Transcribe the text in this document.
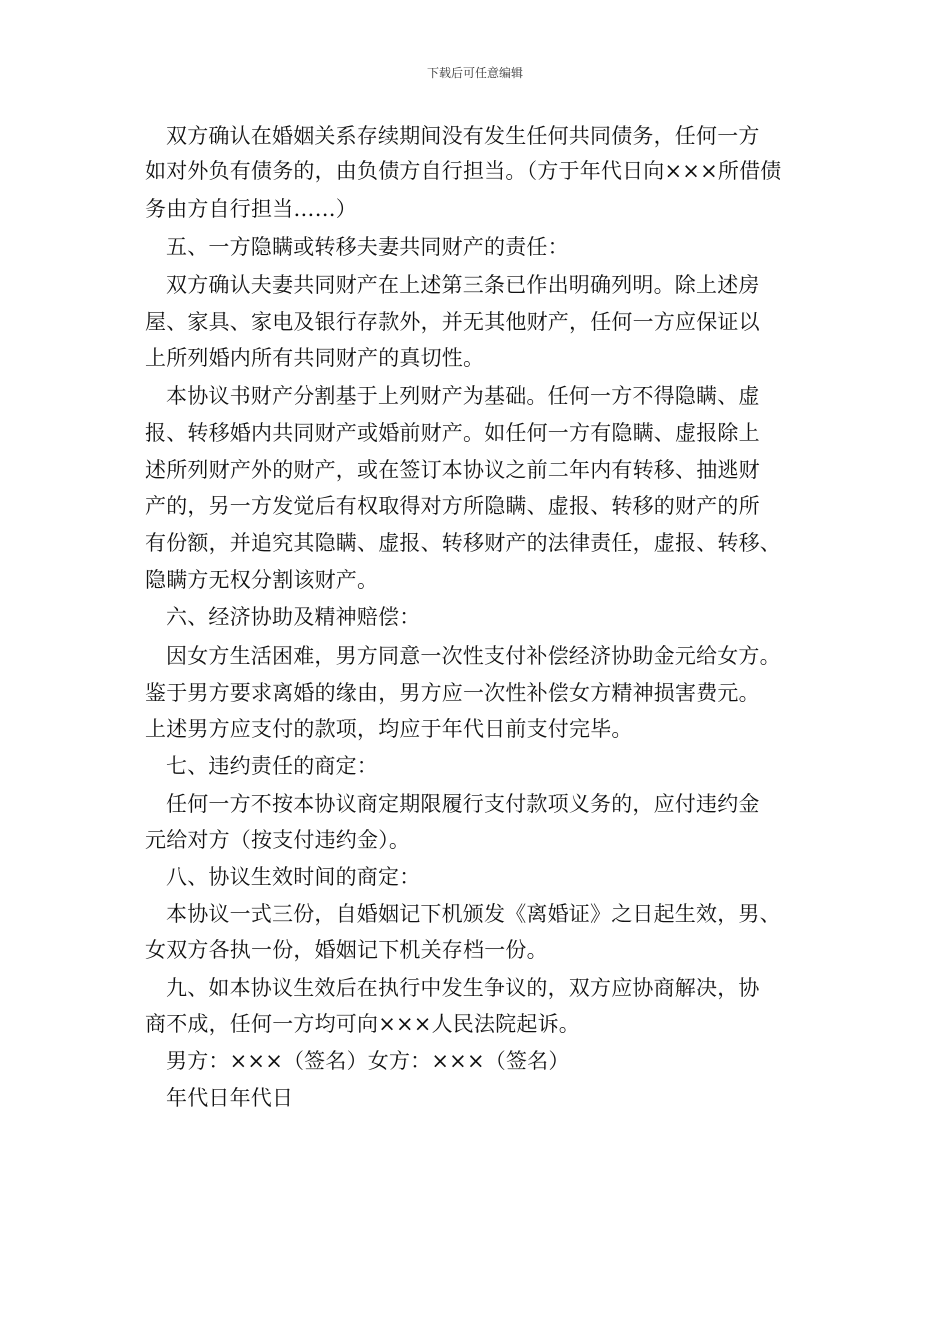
下载后可任意编辑
双方确认在婚姻关系存续期间没有发生任何共同债务，任何一方
如对外负有债务的，由负债方自行担当。（方于年代日向×××所借债
务由方自行担当……）
五、一方隐瞒或转移夫妻共同财产的责任：
双方确认夫妻共同财产在上述第三条已作出明确列明。除上述房
屋、家具、家电及银行存款外，并无其他财产，任何一方应保证以
上所列婚内所有共同财产的真切性。
本协议书财产分割基于上列财产为基础。任何一方不得隐瞒、虚
报、转移婚内共同财产或婚前财产。如任何一方有隐瞒、虚报除上
述所列财产外的财产，或在签订本协议之前二年内有转移、抽逃财
产的，另一方发觉后有权取得对方所隐瞒、虚报、转移的财产的所
有份额，并追究其隐瞒、虚报、转移财产的法律责任，虚报、转移、
隐瞒方无权分割该财产。
六、经济协助及精神赔偿：
因女方生活困难，男方同意一次性支付补偿经济协助金元给女方。
鉴于男方要求离婚的缘由，男方应一次性补偿女方精神损害费元。
上述男方应支付的款项，均应于年代日前支付完毕。
七、违约责任的商定：
任何一方不按本协议商定期限履行支付款项义务的，应付违约金
元给对方（按支付违约金）。
八、协议生效时间的商定：
本协议一式三份，自婚姻记下机颁发《离婚证》之日起生效，男、
女双方各执一份，婚姻记下机关存档一份。
九、如本协议生效后在执行中发生争议的，双方应协商解决，协
商不成，任何一方均可向×××人民法院起诉。
男方：×××（签名）女方：×××（签名）
年代日年代日
